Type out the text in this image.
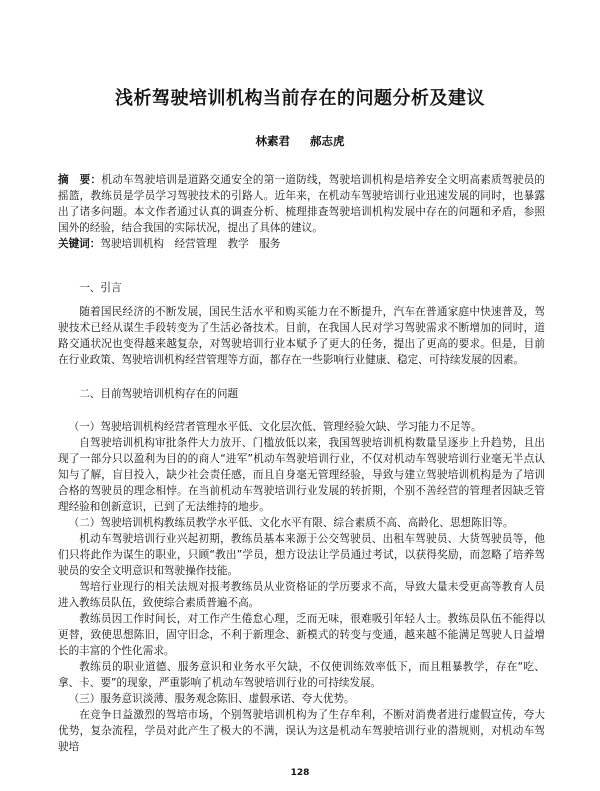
浅析驾驶培训机构当前存在的问题分析及建议
林素君 郝志虎
摘　要：机动车驾驶培训是道路交通安全的第一道防线，驾驶培训机构是培养安全文明高素质驾驶员的摇篮，教练员是学员学习驾驶技术的引路人。近年来，在机动车驾驶培训行业迅速发展的同时，也暴露出了诸多问题。本文作者通过认真的调查分析、梳理排查驾驶培训机构发展中存在的问题和矛盾，参照国外的经验，结合我国的实际状况，提出了具体的建议。
关键词：驾驶培训机构　经营管理　教学　服务
一、引言

随着国民经济的不断发展，国民生活水平和购买能力在不断提升，汽车在普通家庭中快速普及，驾驶技术已经从谋生手段转变为了生活必备技术。目前，在我国人民对学习驾驶需求不断增加的同时，道路交通状况也变得越来越复杂，对驾驶培训行业本赋予了更大的任务，提出了更高的要求。但是，目前在行业政策、驾驶培训机构经营管理等方面，都存在一些影响行业健康、稳定、可持续发展的因素。

二、目前驾驶培训机构存在的问题
（一）驾驶培训机构经营者管理水平低、文化层次低、管理经验欠缺、学习能力不足等。

自驾驶培训机构审批条件大力放开、门槛放低以来，我国驾驶培训机构数量呈逐步上升趋势，且出现了一部分只以盈利为目的的商人“进军”机动车驾驶培训行业，不仅对机动车驾驶培训行业毫无半点认知与了解，盲目投入，缺少社会责任感，而且自身毫无管理经验，导致与建立驾驶培训机构是为了培训合格的驾驶员的理念相悖。在当前机动车驾驶培训行业发展的转折期，个别不善经营的管理者因缺乏管理经验和创新意识，已到了无法维持的地步。

（二）驾驶培训机构教练员教学水平低、文化水平有限、综合素质不高、高龄化、思想陈旧等。

机动车驾驶培训行业兴起初期，教练员基本来源于公交驾驶员、出租车驾驶员、大货驾驶员等，他们只将此作为谋生的职业，只顾“教出”学员，想方设法让学员通过考试，以获得奖励，而忽略了培养驾驶员的安全文明意识和驾驶操作技能。

驾培行业现行的相关法规对报考教练员从业资格证的学历要求不高，导致大量未受更高等教育人员进入教练员队伍，致使综合素质普遍不高。

教练员因工作时间长，对工作产生倦怠心理，乏而无味，很难吸引年轻人士。教练员队伍不能得以更替，致使思想陈旧，固守旧念，不利于新理念、新模式的转变与变通，越来越不能满足驾驶人日益增长的丰富的个性化需求。

教练员的职业道德、服务意识和业务水平欠缺，不仅使训练效率低下，而且粗暴教学，存在“吃、拿、卡、要”的现象，严重影响了机动车驾驶培训行业的可持续发展。

（三）服务意识淡薄、服务观念陈旧、虚假承诺、夸大优势。

在竞争日益激烈的驾培市场，个别驾驶培训机构为了生存牟利，不断对消费者进行虚假宣传，夸大优势，复杂流程，学员对此产生了极大的不满，误认为这是机动车驾驶培训行业的潜规则，对机动车驾驶培

128
